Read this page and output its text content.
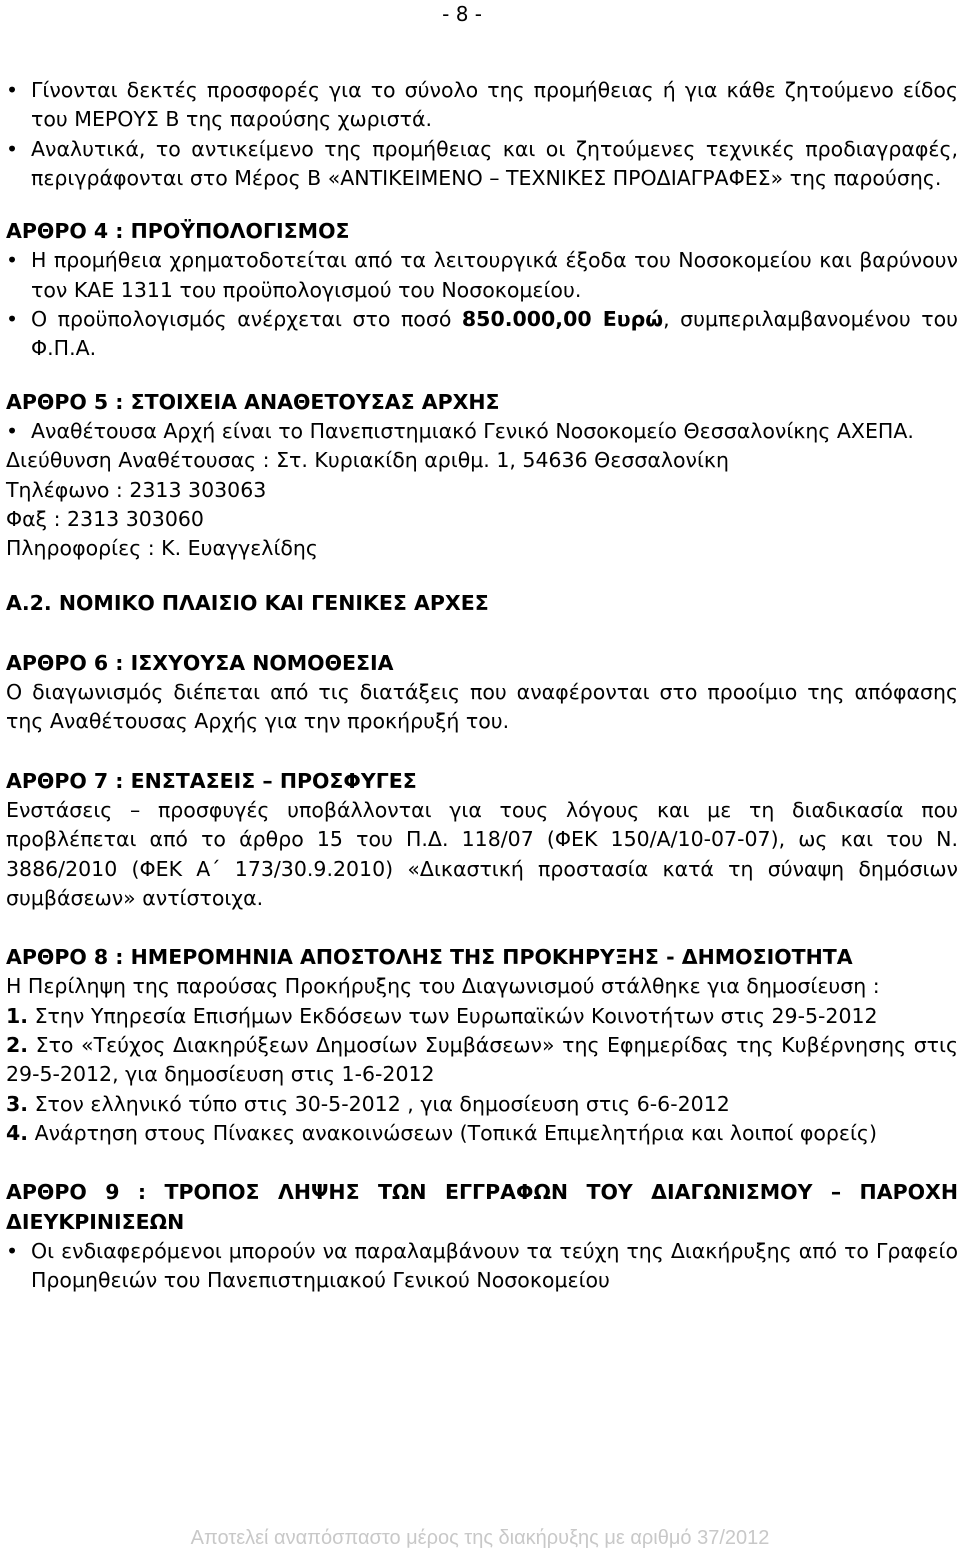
- 8 -

• Γίνονται δεκτές προσφορές για το σύνολο της προμήθειας ή για κάθε ζητούμενο είδος του ΜΕΡΟΥΣ Β της παρούσης χωριστά.

• Αναλυτικά, το αντικείμενο της προμήθειας και οι ζητούμενες τεχνικές προδιαγραφές, περιγράφονται στο Μέρος Β «ΑΝΤΙΚΕΙΜΕΝΟ – ΤΕΧΝΙΚΕΣ ΠΡΟΔΙΑΓΡΑΦΕΣ» της παρούσης.

ΑΡΘΡΟ 4 : ΠΡΟΫΠΟΛΟΓΙΣΜΟΣ

• Η προμήθεια χρηματοδοτείται από τα λειτουργικά έξοδα του Νοσοκομείου και βαρύνουν τον ΚΑΕ 1311 του προϋπολογισμού του Νοσοκομείου.

• Ο προϋπολογισμός ανέρχεται στο ποσό 850.000,00 Ευρώ, συμπεριλαμβανομένου του Φ.Π.Α.

ΑΡΘΡΟ 5 : ΣΤΟΙΧΕΙΑ ΑΝΑΘΕΤΟΥΣΑΣ ΑΡΧΗΣ

• Αναθέτουσα Αρχή είναι το Πανεπιστημιακό Γενικό Νοσοκομείο Θεσσαλονίκης ΑΧΕΠΑ.

Διεύθυνση Αναθέτουσας : Στ. Κυριακίδη αριθμ. 1, 54636 Θεσσαλονίκη

Τηλέφωνο : 2313 303063

Φαξ : 2313 303060

Πληροφορίες : Κ. Ευαγγελίδης

Α.2. ΝΟΜΙΚΟ ΠΛΑΙΣΙΟ ΚΑΙ ΓΕΝΙΚΕΣ ΑΡΧΕΣ

ΑΡΘΡΟ 6 : ΙΣΧΥΟΥΣΑ ΝΟΜΟΘΕΣΙΑ

Ο διαγωνισμός διέπεται από τις διατάξεις που αναφέρονται στο προοίμιο της απόφασης της Αναθέτουσας Αρχής για την προκήρυξή του.

ΑΡΘΡΟ 7 : ΕΝΣΤΑΣΕΙΣ – ΠΡΟΣΦΥΓΕΣ

Ενστάσεις – προσφυγές υποβάλλονται για τους λόγους και με τη διαδικασία που προβλέπεται από το άρθρο 15 του Π.Δ. 118/07 (ΦΕΚ 150/Α/10-07-07), ως και του Ν. 3886/2010 (ΦΕΚ Α΄ 173/30.9.2010) «Δικαστική προστασία κατά τη σύναψη δημόσιων συμβάσεων» αντίστοιχα.

ΑΡΘΡΟ 8 : ΗΜΕΡΟΜΗΝΙΑ ΑΠΟΣΤΟΛΗΣ ΤΗΣ ΠΡΟΚΗΡΥΞΗΣ - ΔΗΜΟΣΙΟΤΗΤΑ

Η Περίληψη της παρούσας Προκήρυξης του Διαγωνισμού στάλθηκε για δημοσίευση :

1. Στην Υπηρεσία Επισήμων Εκδόσεων των Ευρωπαϊκών Κοινοτήτων στις 29-5-2012

2. Στο «Τεύχος Διακηρύξεων Δημοσίων Συμβάσεων» της Εφημερίδας της Κυβέρνησης στις 29-5-2012, για δημοσίευση στις 1-6-2012

3. Στον ελληνικό τύπο στις 30-5-2012 , για δημοσίευση στις 6-6-2012

4. Ανάρτηση στους Πίνακες ανακοινώσεων (Τοπικά Επιμελητήρια και λοιποί φορείς)

ΑΡΘΡΟ 9 : ΤΡΟΠΟΣ ΛΗΨΗΣ ΤΩΝ ΕΓΓΡΑΦΩΝ ΤΟΥ ΔΙΑΓΩΝΙΣΜΟΥ – ΠΑΡΟΧΗ ΔΙΕΥΚΡΙΝΙΣΕΩΝ

• Οι ενδιαφερόμενοι μπορούν να παραλαμβάνουν τα τεύχη της Διακήρυξης από το Γραφείο Προμηθειών του Πανεπιστημιακού Γενικού Νοσοκομείου

Αποτελεί αναπόσπαστο μέρος της διακήρυξης με αριθμό 37/2012
